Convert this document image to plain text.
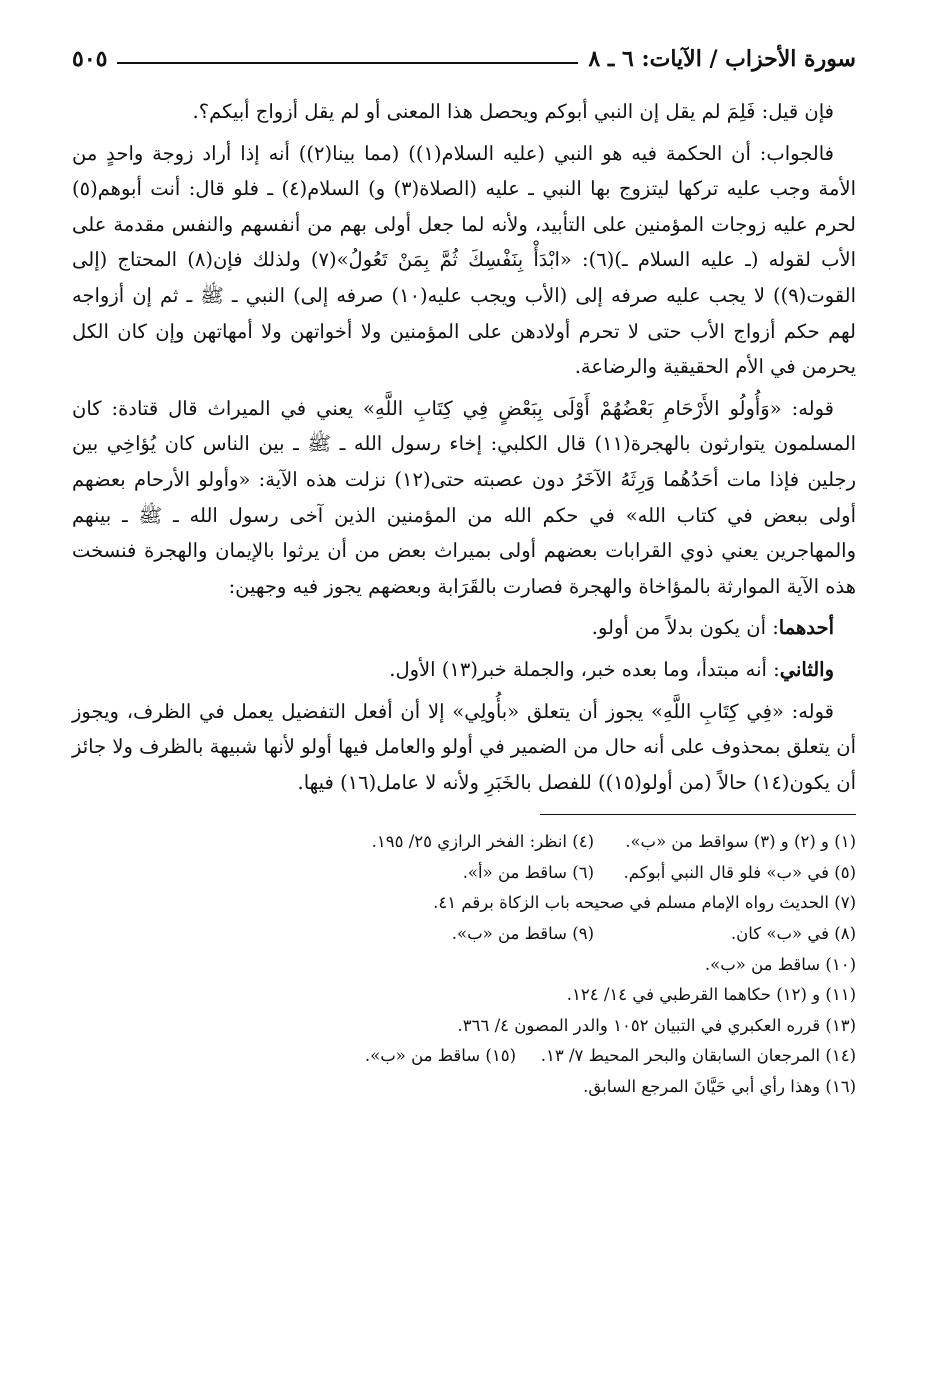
سورة الأحزاب / الآيات: ٦ ـ ٨
٥٠٥

فإن قيل: فَلِمَ لم يقل إن النبي أبوكم ويحصل هذا المعنى أو لم يقل أزواج أبيكم؟.

فالجواب: أن الحكمة فيه هو النبي (عليه السلام(١)) (مما بينا(٢)) أنه إذا أراد زوجة واحدٍ من الأمة وجب عليه تركها ليتزوج بها النبي ـ عليه (الصلاة(٣) و) السلام(٤) ـ فلو قال: أنت أبوهم(٥) لحرم عليه زوجات المؤمنين على التأبيد، ولأنه لما جعل أولى بهم من أنفسهم والنفس مقدمة على الأب لقوله (ـ عليه السلام ـ)(٦): «ابْدَأْ بِنَفْسِكَ ثُمَّ بِمَنْ تَعُولُ»(٧) ولذلك فإن(٨) المحتاج (إلى القوت(٩)) لا يجب عليه صرفه إلى (الأب ويجب عليه(١٠) صرفه إلى) النبي ـ ﷺ ـ ثم إن أزواجه لهم حكم أزواج الأب حتى لا تحرم أولادهن على المؤمنين ولا أخواتهن ولا أمهاتهن وإن كان الكل يحرمن في الأم الحقيقية والرضاعة.

قوله: «وَأُولُو الأَرْحَامِ بَعْضُهُمْ أَوْلَى بِبَعْضٍ فِي كِتَابِ اللَّهِ» يعني في الميراث قال قتادة: كان المسلمون يتوارثون بالهجرة(١١) قال الكلبي: إخاء رسول الله ـ ﷺ ـ بين الناس كان يُؤاخِي بين رجلين فإذا مات أحَدُهُما وَرِثَهُ الآخَرُ دون عصبته حتى(١٢) نزلت هذه الآية: «وأولو الأرحام بعضهم أولى ببعض في كتاب الله» في حكم الله من المؤمنين الذين آخى رسول الله ـ ﷺ ـ بينهم والمهاجرين يعني ذوي القرابات بعضهم أولى بميراث بعض من أن يرثوا بالإيمان والهجرة فنسخت هذه الآية الموارثة بالمؤاخاة والهجرة فصارت بالقَرَابة وبعضهم يجوز فيه وجهين:

أحدهما: أن يكون بدلاً من أولو.

والثاني: أنه مبتدأ، وما بعده خبر، والجملة خبر(١٣) الأول.

قوله: «فِي كِتَابِ اللَّهِ» يجوز أن يتعلق «بأُولِي» إلا أن أفعل التفضيل يعمل في الظرف، ويجوز أن يتعلق بمحذوف على أنه حال من الضمير في أولو والعامل فيها أولو لأنها شبيهة بالظرف ولا جائز أن يكون(١٤) حالاً (من أولو(١٥)) للفصل بالخَبَرِ ولأنه لا عامل(١٦) فيها.

(١) و (٢) و (٣) سواقط من «ب».
(٤) انظر: الفخر الرازي ٢٥/ ١٩٥.
(٥) في «ب» فلو قال النبي أبوكم.
(٦) ساقط من «أ».
(٧) الحديث رواه الإمام مسلم في صحيحه باب الزكاة برقم ٤١.
(٨) في «ب» كان.
(٩) ساقط من «ب».
(١٠) ساقط من «ب».
(١١) و (١٢) حكاهما القرطبي في ١٤/ ١٢٤.
(١٣) قرره العكبري في التبيان ١٠٥٢ والدر المصون ٤/ ٣٦٦.
(١٤) المرجعان السابقان والبحر المحيط ٧/ ١٣.
(١٥) ساقط من «ب».
(١٦) وهذا رأي أبي حَيَّانَ المرجع السابق.
